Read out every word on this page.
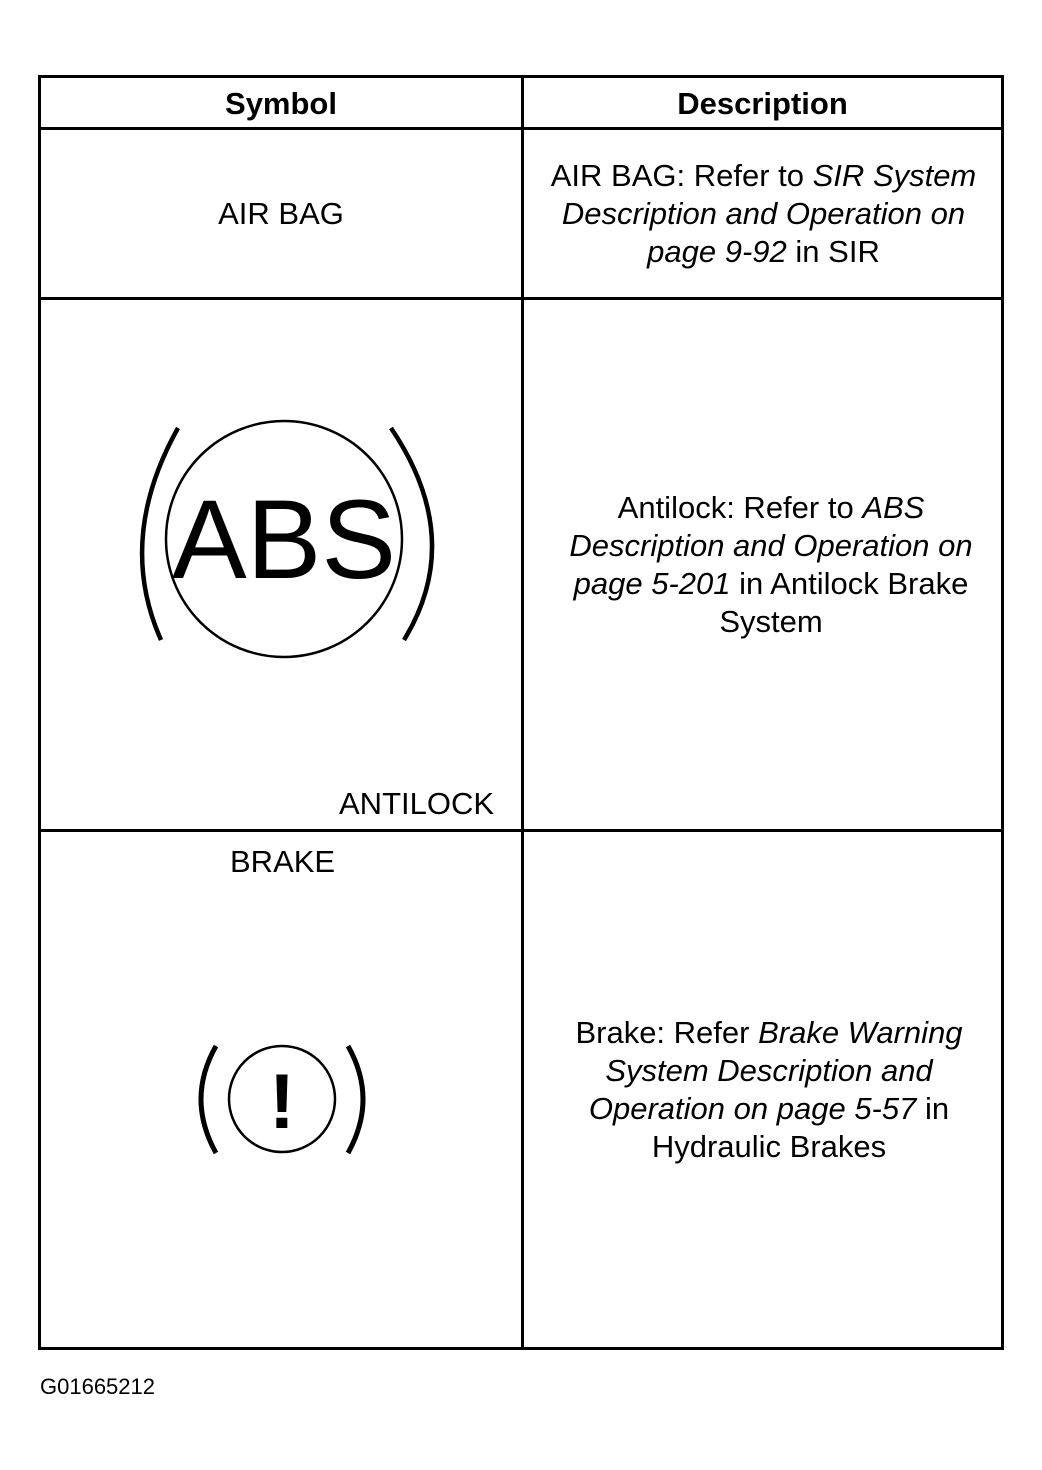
Symbol	Description
AIR BAG
AIR BAG: Refer to SIR System Description and Operation on page 9-92 in SIR
ABS
ANTILOCK
Antilock: Refer to ABS Description and Operation on page 5-201 in Antilock Brake System
BRAKE
!
Brake: Refer Brake Warning System Description and Operation on page 5-57 in Hydraulic Brakes
G01665212
